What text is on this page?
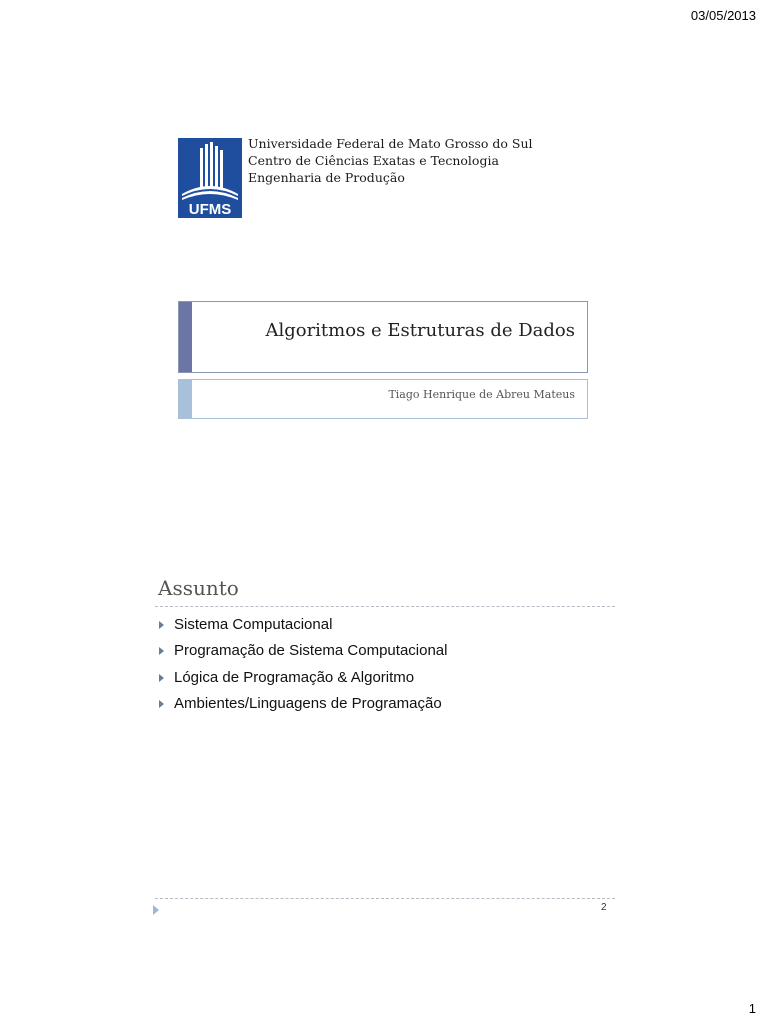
03/05/2013
UFMS
Universidade Federal de Mato Grosso do Sul
Centro de Ciências Exatas e Tecnologia
Engenharia de Produção
Algoritmos e Estruturas de Dados
Tiago Henrique de Abreu Mateus
Assunto
Sistema Computacional
Programação de Sistema Computacional
Lógica de Programação & Algoritmo
Ambientes/Linguagens de Programação
2
1
